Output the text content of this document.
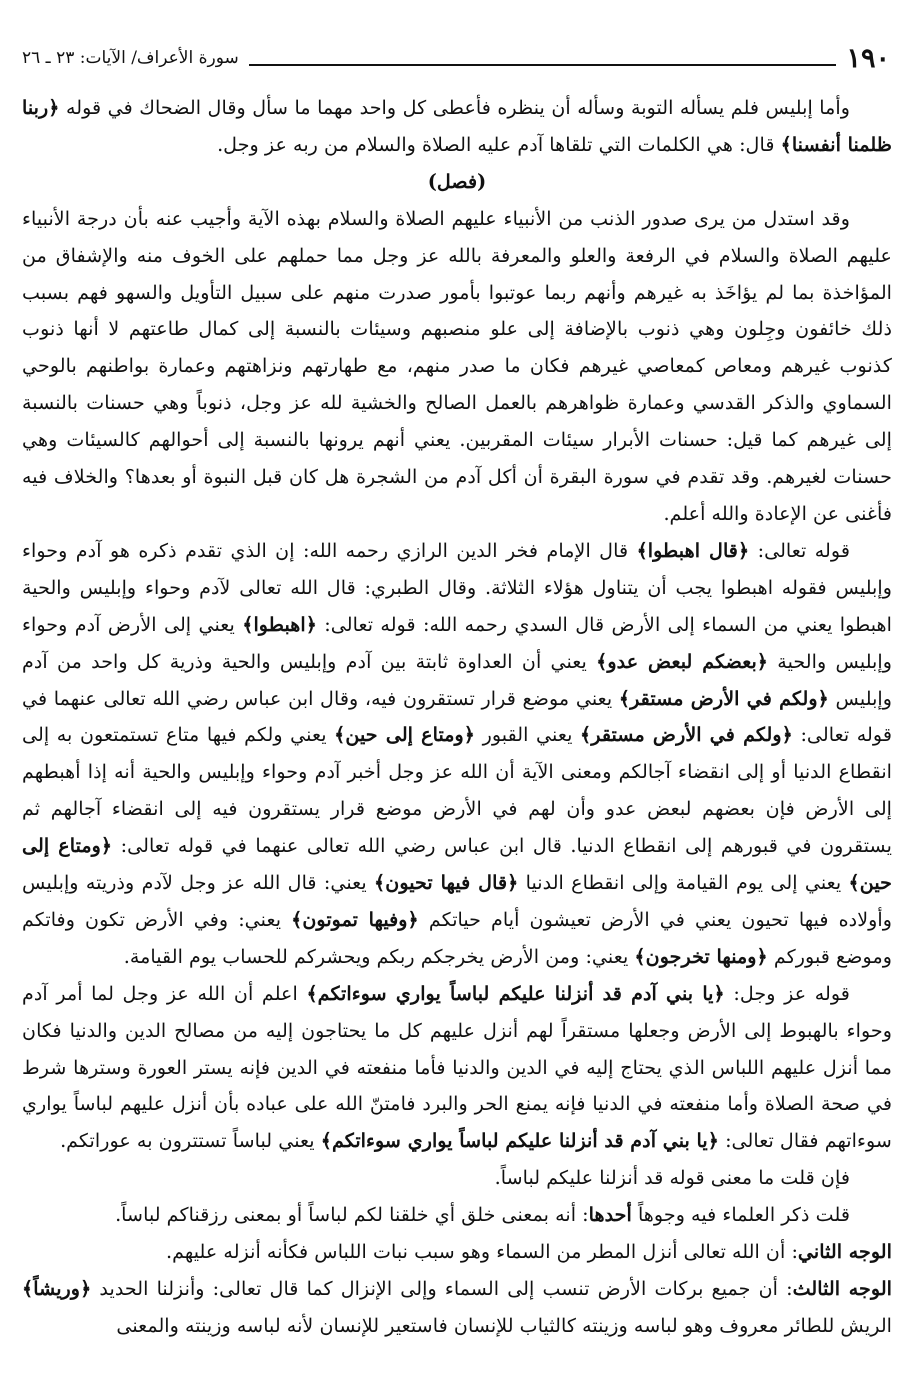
١٩٠
سورة الأعراف/ الآيات: ٢٣ ـ ٢٦

وأما إبليس فلم يسأله التوبة وسأله أن ينظره فأعطى كل واحد مهما ما سأل وقال الضحاك في قوله ﴿ربنا ظلمنا أنفسنا﴾ قال: هي الكلمات التي تلقاها آدم عليه الصلاة والسلام من ربه عز وجل.

(فصل)

وقد استدل من يرى صدور الذنب من الأنبياء عليهم الصلاة والسلام بهذه الآية وأجيب عنه بأن درجة الأنبياء عليهم الصلاة والسلام في الرفعة والعلو والمعرفة بالله عز وجل مما حملهم على الخوف منه والإشفاق من المؤاخذة بما لم يؤاخَذ به غيرهم وأنهم ربما عوتبوا بأمور صدرت منهم على سبيل التأويل والسهو فهم بسبب ذلك خائفون وجِلون وهي ذنوب بالإضافة إلى علو منصبهم وسيئات بالنسبة إلى كمال طاعتهم لا أنها ذنوب كذنوب غيرهم ومعاص كمعاصي غيرهم فكان ما صدر منهم، مع طهارتهم ونزاهتهم وعمارة بواطنهم بالوحي السماوي والذكر القدسي وعمارة ظواهرهم بالعمل الصالح والخشية لله عز وجل، ذنوباً وهي حسنات بالنسبة إلى غيرهم كما قيل: حسنات الأبرار سيئات المقربين. يعني أنهم يرونها بالنسبة إلى أحوالهم كالسيئات وهي حسنات لغيرهم. وقد تقدم في سورة البقرة أن أكل آدم من الشجرة هل كان قبل النبوة أو بعدها؟ والخلاف فيه فأغنى عن الإعادة والله أعلم.

قوله تعالى: ﴿قال اهبطوا﴾ قال الإمام فخر الدين الرازي رحمه الله: إن الذي تقدم ذكره هو آدم وحواء وإبليس فقوله اهبطوا يجب أن يتناول هؤلاء الثلاثة. وقال الطبري: قال الله تعالى لآدم وحواء وإبليس والحية اهبطوا يعني من السماء إلى الأرض قال السدي رحمه الله: قوله تعالى: ﴿اهبطوا﴾ يعني إلى الأرض آدم وحواء وإبليس والحية ﴿بعضكم لبعض عدو﴾ يعني أن العداوة ثابتة بين آدم وإبليس والحية وذرية كل واحد من آدم وإبليس ﴿ولكم في الأرض مستقر﴾ يعني موضع قرار تستقرون فيه، وقال ابن عباس رضي الله تعالى عنهما في قوله تعالى: ﴿ولكم في الأرض مستقر﴾ يعني القبور ﴿ومتاع إلى حين﴾ يعني ولكم فيها متاع تستمتعون به إلى انقطاع الدنيا أو إلى انقضاء آجالكم ومعنى الآية أن الله عز وجل أخبر آدم وحواء وإبليس والحية أنه إذا أهبطهم إلى الأرض فإن بعضهم لبعض عدو وأن لهم في الأرض موضع قرار يستقرون فيه إلى انقضاء آجالهم ثم يستقرون في قبورهم إلى انقطاع الدنيا. قال ابن عباس رضي الله تعالى عنهما في قوله تعالى: ﴿ومتاع إلى حين﴾ يعني إلى يوم القيامة وإلى انقطاع الدنيا ﴿قال فيها تحيون﴾ يعني: قال الله عز وجل لآدم وذريته وإبليس وأولاده فيها تحيون يعني في الأرض تعيشون أيام حياتكم ﴿وفيها تموتون﴾ يعني: وفي الأرض تكون وفاتكم وموضع قبوركم ﴿ومنها تخرجون﴾ يعني: ومن الأرض يخرجكم ربكم ويحشركم للحساب يوم القيامة.

قوله عز وجل: ﴿يا بني آدم قد أنزلنا عليكم لباساً يواري سوءاتكم﴾ اعلم أن الله عز وجل لما أمر آدم وحواء بالهبوط إلى الأرض وجعلها مستقراً لهم أنزل عليهم كل ما يحتاجون إليه من مصالح الدين والدنيا فكان مما أنزل عليهم اللباس الذي يحتاج إليه في الدين والدنيا فأما منفعته في الدين فإنه يستر العورة وسترها شرط في صحة الصلاة وأما منفعته في الدنيا فإنه يمنع الحر والبرد فامتنّ الله على عباده بأن أنزل عليهم لباساً يواري سوءاتهم فقال تعالى: ﴿يا بني آدم قد أنزلنا عليكم لباساً يواري سوءاتكم﴾ يعني لباساً تستترون به عوراتكم.

فإن قلت ما معنى قوله قد أنزلنا عليكم لباساً.

قلت ذكر العلماء فيه وجوهاً أحدها: أنه بمعنى خلق أي خلقنا لكم لباساً أو بمعنى رزقناكم لباساً.

الوجه الثاني: أن الله تعالى أنزل المطر من السماء وهو سبب نبات اللباس فكأنه أنزله عليهم.

الوجه الثالث: أن جميع بركات الأرض تنسب إلى السماء وإلى الإنزال كما قال تعالى: وأنزلنا الحديد ﴿وريشاً﴾ الريش للطائر معروف وهو لباسه وزينته كالثياب للإنسان فاستعير للإنسان لأنه لباسه وزينته والمعنى
